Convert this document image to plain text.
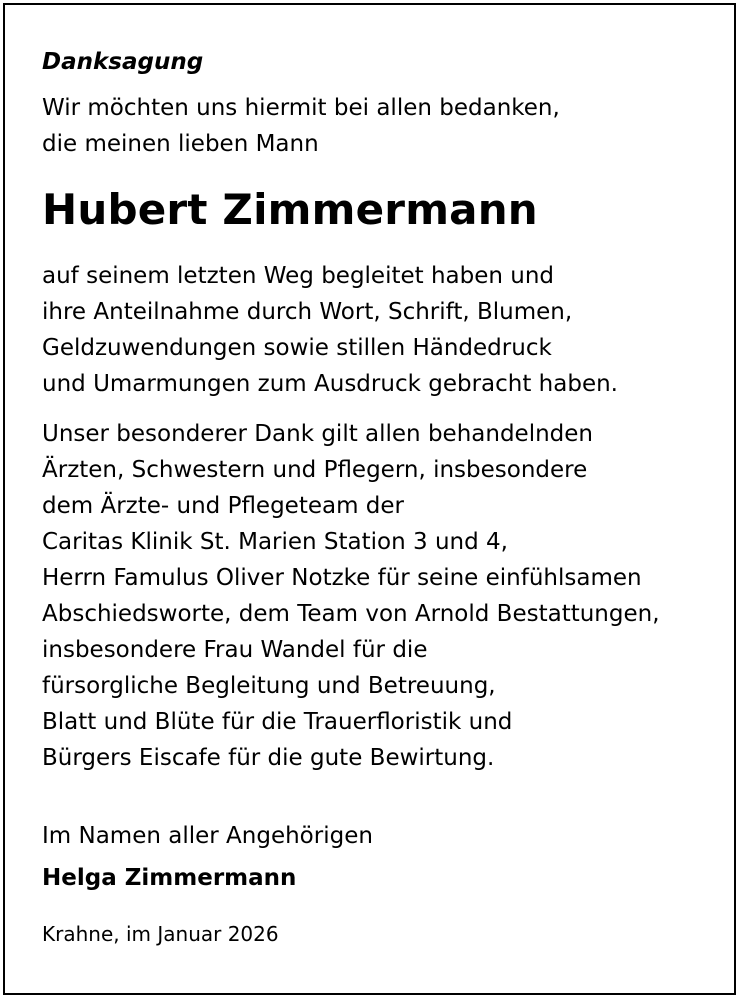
Danksagung

Wir möchten uns hiermit bei allen bedanken,
die meinen lieben Mann

Hubert Zimmermann

auf seinem letzten Weg begleitet haben und
ihre Anteilnahme durch Wort, Schrift, Blumen,
Geldzuwendungen sowie stillen Händedruck
und Umarmungen zum Ausdruck gebracht haben.

Unser besonderer Dank gilt allen behandelnden
Ärzten, Schwestern und Pflegern, insbesondere
dem Ärzte- und Pflegeteam der
Caritas Klinik St. Marien Station 3 und 4,
Herrn Famulus Oliver Notzke für seine einfühlsamen
Abschiedsworte, dem Team von Arnold Bestattungen,
insbesondere Frau Wandel für die
fürsorgliche Begleitung und Betreuung,
Blatt und Blüte für die Trauerfloristik und
Bürgers Eiscafe für die gute Bewirtung.

Im Namen aller Angehörigen

Helga Zimmermann

Krahne, im Januar 2026
